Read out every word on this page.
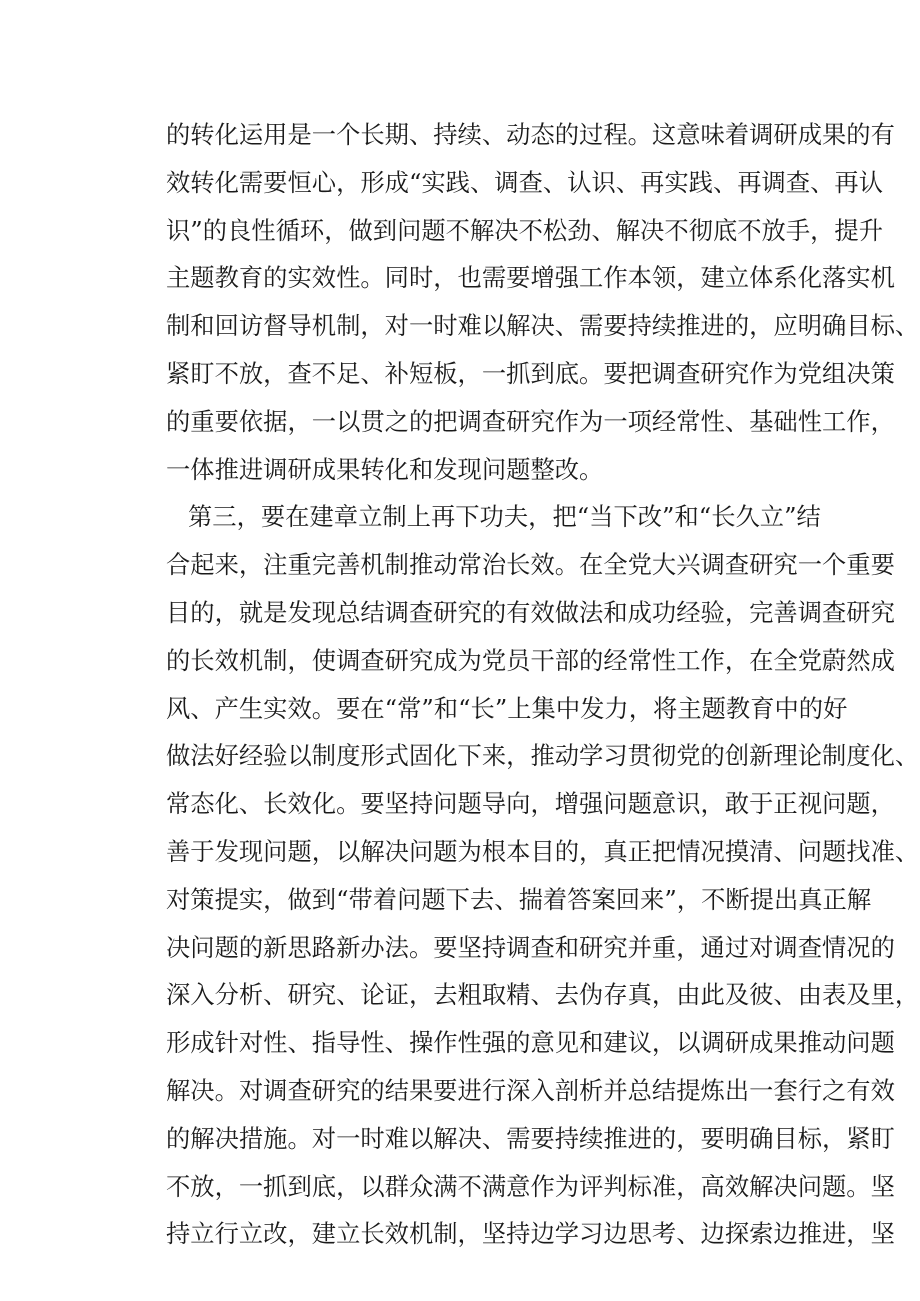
的转化运用是一个长期、持续、动态的过程。这意味着调研成果的有
效转化需要恒心，形成“实践、调查、认识、再实践、再调查、再认
识”的良性循环，做到问题不解决不松劲、解决不彻底不放手，提升
主题教育的实效性。同时，也需要增强工作本领，建立体系化落实机
制和回访督导机制，对一时难以解决、需要持续推进的，应明确目标、
紧盯不放，查不足、补短板，一抓到底。要把调查研究作为党组决策
的重要依据，一以贯之的把调查研究作为一项经常性、基础性工作，
一体推进调研成果转化和发现问题整改。
第三，要在建章立制上再下功夫，把“当下改”和“长久立”结
合起来，注重完善机制推动常治长效。在全党大兴调查研究一个重要
目的，就是发现总结调查研究的有效做法和成功经验，完善调查研究
的长效机制，使调查研究成为党员干部的经常性工作，在全党蔚然成
风、产生实效。要在“常”和“长”上集中发力，将主题教育中的好
做法好经验以制度形式固化下来，推动学习贯彻党的创新理论制度化、
常态化、长效化。要坚持问题导向，增强问题意识，敢于正视问题，
善于发现问题，以解决问题为根本目的，真正把情况摸清、问题找准、
对策提实，做到“带着问题下去、揣着答案回来”，不断提出真正解
决问题的新思路新办法。要坚持调查和研究并重，通过对调查情况的
深入分析、研究、论证，去粗取精、去伪存真，由此及彼、由表及里，
形成针对性、指导性、操作性强的意见和建议，以调研成果推动问题
解决。对调查研究的结果要进行深入剖析并总结提炼出一套行之有效
的解决措施。对一时难以解决、需要持续推进的，要明确目标，紧盯
不放，一抓到底，以群众满不满意作为评判标准，高效解决问题。坚
持立行立改，建立长效机制，坚持边学习边思考、边探索边推进，坚
